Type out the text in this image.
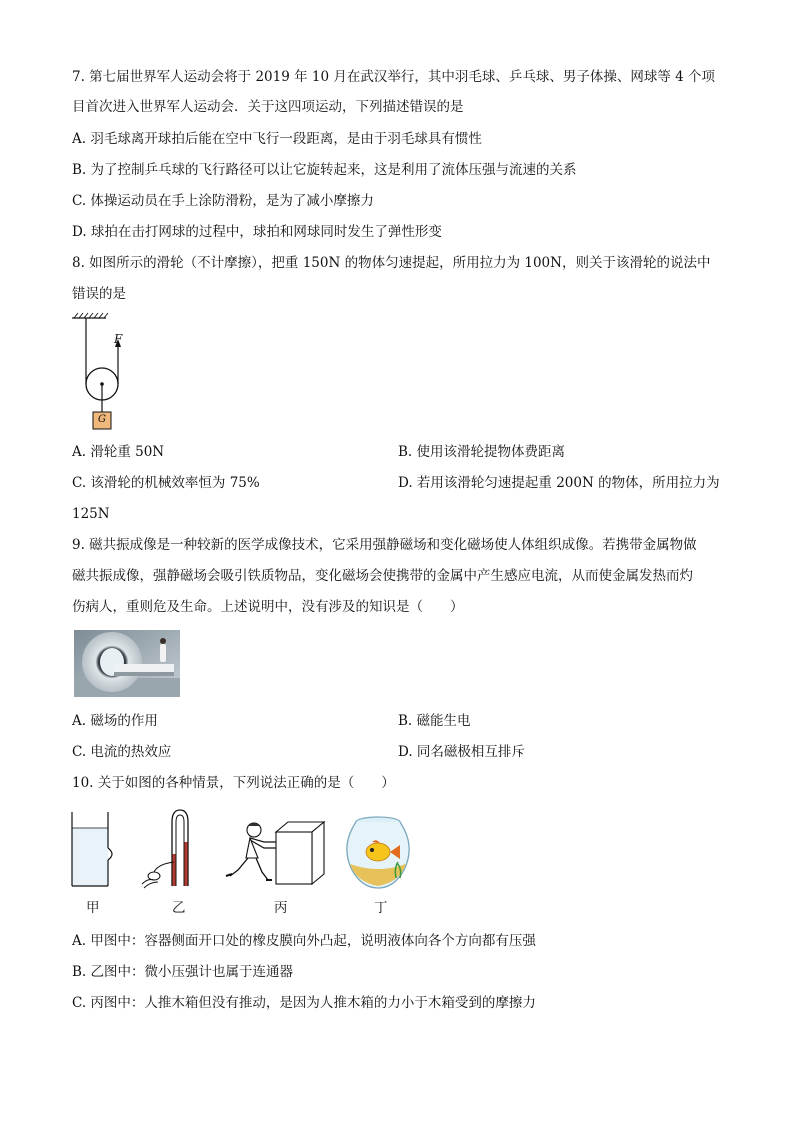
7. 第七届世界军人运动会将于 2019 年 10 月在武汉举行，其中羽毛球、乒乓球、男子体操、网球等 4 个项
目首次进入世界军人运动会．关于这四项运动，下列描述错误的是
A. 羽毛球离开球拍后能在空中飞行一段距离，是由于羽毛球具有惯性
B. 为了控制乒乓球的飞行路径可以让它旋转起来，这是利用了流体压强与流速的关系
C. 体操运动员在手上涂防滑粉，是为了减小摩擦力
D. 球拍在击打网球的过程中，球拍和网球同时发生了弹性形变
8. 如图所示的滑轮（不计摩擦），把重 150N 的物体匀速提起，所用拉力为 100N，则关于该滑轮的说法中
错误的是
F
G
A. 滑轮重 50N	B. 使用该滑轮提物体费距离
C. 该滑轮的机械效率恒为 75%	D. 若用该滑轮匀速提起重 200N 的物体，所用拉力为
125N
9. 磁共振成像是一种较新的医学成像技术，它采用强静磁场和变化磁场使人体组织成像。若携带金属物做
磁共振成像，强静磁场会吸引铁质物品，变化磁场会使携带的金属中产生感应电流，从而使金属发热而灼
伤病人，重则危及生命。上述说明中，没有涉及的知识是（　　）
A. 磁场的作用	B. 磁能生电
C. 电流的热效应	D. 同名磁极相互排斥
10. 关于如图的各种情景，下列说法正确的是（　　）
甲	乙	丙	丁
A. 甲图中：容器侧面开口处的橡皮膜向外凸起，说明液体向各个方向都有压强
B. 乙图中：微小压强计也属于连通器
C. 丙图中：人推木箱但没有推动，是因为人推木箱的力小于木箱受到的摩擦力
